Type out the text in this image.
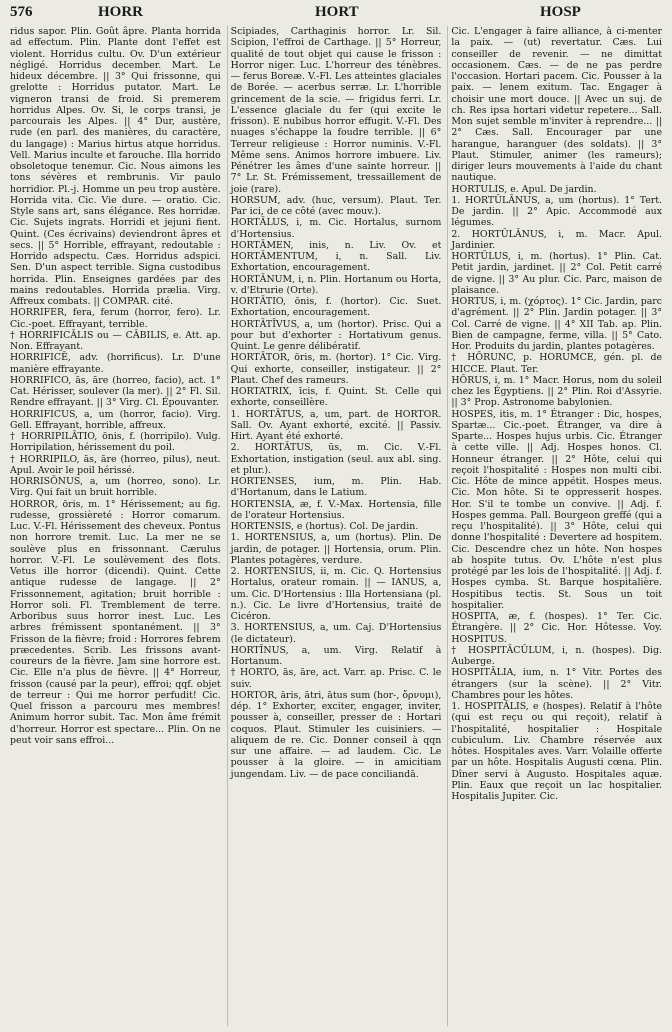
576	HORR	HORT	HOSP

ridus sapor. Plin. Goût âpre. Planta horrida ad effectum. Plin. Plante dont l'effet est violent. Horridus cultu. Ov. D'un extérieur négligé. Horridus december. Mart. Le hideux décembre. || 3° Qui frissonne, qui grelotte : Horridus putator. Mart. Le vigneron transi de froid. Si premerem horridus Alpes. Ov. Si, le corps transi, je parcourais les Alpes. || 4° Dur, austère, rude (en parl. des manières, du caractère, du langage) : Marius hirtus atque horridus. Vell. Marius inculte et farouche. Illa horrido obsoletoque tenemur. Cic. Nous aimons les tons sévères et rembrunis. Vir paulo horridior. Pl.-j. Homme un peu trop austère. Horrida vita. Cic. Vie dure. — oratio. Cic. Style sans art, sans élégance. Res horridæ. Cic. Sujets ingrats. Horridi et jejuni fient. Quint. (Ces écrivains) deviendront âpres et secs. || 5° Horrible, effrayant, redoutable : Horrido adspectu. Cæs. Horridus adspici. Sen. D'un aspect terrible. Signa custodibus horrida. Plin. Enseignes gardées par des mains redoutables. Horrida prælia. Virg. Affreux combats. || COMPAR. cité.

HORRIFER, fera, ferum (horror, fero). Lr. Cic.-poet. Effrayant, terrible.

† HORRIFICĀLIS ou — CĀBILIS, e. Att. ap. Non. Effrayant.

HORRIFICĒ, adv. (horrificus). Lr. D'une manière effrayante.

HORRIFICO, ās, āre (horreo, facio), act. 1° Cat. Hérisser, soulever (la mer). || 2° Fl. Sil. Rendre effrayant. || 3° Virg. Cl. Épouvanter.

HORRIFICUS, a, um (horror, facio). Virg. Gell. Effrayant, horrible, affreux.

† HORRIPILĀTIO, ōnis, f. (horripilo). Vulg. Horripilation, hérissement du poil.

† HORRIPILO, ās, āre (horreo, pilus), neut. Apul. Avoir le poil hérissé.

HORRISŌNUS, a, um (horreo, sono). Lr. Virg. Qui fait un bruit horrible.

HORROR, ōris, m. 1° Hérissement; au fig. rudesse, grossièreté : Horror comarum. Luc. V.-Fl. Hérissement des cheveux. Pontus non horrore tremit. Luc. La mer ne se soulève plus en frissonnant. Cærulus horror. V.-Fl. Le soulèvement des flots. Vetus ille horror (dicendi). Quint. Cette antique rudesse de langage. || 2° Frissonnement, agitation; bruit horrible : Horror soli. Fl. Tremblement de terre. Arboribus suus horror inest. Luc. Les arbres frémissent spontanément. || 3° Frisson de la fièvre; froid : Horrores febrem præcedentes. Scrib. Les frissons avant-coureurs de la fièvre. Jam sine horrore est. Cic. Elle n'a plus de fièvre. || 4° Horreur, frisson (causé par la peur), effroi; qqf. objet de terreur : Qui me horror perfudit! Cic. Quel frisson a parcouru mes membres! Animum horror subit. Tac. Mon âme frémit d'horreur. Horror est spectare... Plin. On ne peut voir sans effroi...

Scipiades, Carthaginis horror. Lr. Sil. Scipion, l'effroi de Carthage. || 5° Horreur, qualité de tout objet qui cause le frisson : Horror niger. Luc. L'horreur des ténèbres. — ferus Boreæ. V.-Fl. Les atteintes glaciales de Borée. — acerbus serræ. Lr. L'horrible grincement de la scie. — frigidus ferri. Lr. L'essence glaciale du fer (qui excite le frisson). E nubibus horror effugit. V.-Fl. Des nuages s'échappe la foudre terrible. || 6° Terreur religieuse : Horror numinis. V.-Fl. Même sens. Animos horrore imbuere. Liv. Pénétrer les âmes d'une sainte horreur. || 7° Lr. St. Frémissement, tressaillement de joie (rare).

HORSUM, adv. (huc, versum). Plaut. Ter. Par ici, de ce côté (avec mouv.).

HORTĀLUS, i, m. Cic. Hortalus, surnom d'Hortensius.

HORTĀMEN, inis, n. Liv. Ov. et HORTĀMENTUM, i, n. Sall. Liv. Exhortation, encouragement.

HORTĀNUM, i, n. Plin. Hortanum ou Horta, v. d'Etrurie (Orte).

HORTĀTIO, ōnis, f. (hortor). Cic. Suet. Exhortation, encouragement.

HORTĀTĪVUS, a, um (hortor). Prisc. Qui a pour but d'exhorter : Hortativum genus. Quint. Le genre délibératif.

HORTĀTOR, ōris, m. (hortor). 1° Cic. Virg. Qui exhorte, conseiller, instigateur. || 2° Plaut. Chef des rameurs.

HORTATRIX, īcis, f. Quint. St. Celle qui exhorte, conseillère.

1. HORTĀTUS, a, um, part. de HORTOR. Sall. Ov. Ayant exhorté, excité. || Passiv. Hirt. Ayant été exhorté.

2. HORTĀTUS, ūs, m. Cic. V.-Fl. Exhortation, instigation (seul. aux abl. sing. et plur.).

HORTENSES, ium, m. Plin. Hab. d'Hortanum, dans le Latium.

HORTENSIA, æ, f. V.-Max. Hortensia, fille de l'orateur Hortensius.

HORTENSIS, e (hortus). Col. De jardin.

1. HORTENSIUS, a, um (hortus). Plin. De jardin, de potager. || Hortensia, orum. Plin. Plantes potagères, verdure.

2. HORTENSIUS, ii, m. Cic. Q. Hortensius Hortalus, orateur romain. || — IANUS, a, um. Cic. D'Hortensius : Illa Hortensiana (pl. n.). Cic. Le livre d'Hortensius, traité de Cicéron.

3. HORTENSIUS, a, um. Caj. D'Hortensius (le dictateur).

HORTĪNUS, a, um. Virg. Relatif à Hortanum.

† HORTO, ās, āre, act. Varr. ap. Prisc. C. le suiv.

HORTOR, āris, ātri, ātus sum (hor-, ὄρνυμι), dép. 1° Exhorter, exciter, engager, inviter, pousser à, conseiller, presser de : Hortari coquos. Plaut. Stimuler les cuisiniers. — aliquem de re. Cic. Donner conseil à qqn sur une affaire. — ad laudem. Cic. Le pousser à la gloire. — in amicitiam jungendam. Liv. — de pace conciliandā.

Cic. L'engager à faire alliance, à ci-menter la paix. — (ut) revertatur. Cæs. Lui conseiller de revenir. — ne dimittat occasionem. Cæs. — de ne pas perdre l'occasion. Hortari pacem. Cic. Pousser à la paix. — lenem exitum. Tac. Engager à choisir une mort douce. || Avec un suj. de ch. Res ipsa hortari videtur repetere... Sall. Mon sujet semble m'inviter à reprendre... || 2° Cæs. Sall. Encourager par une harangue, haranguer (des soldats). || 3° Plaut. Stimuler, animer (les rameurs); diriger leurs mouvements à l'aide du chant nautique.

HORTULIS, e. Apul. De jardin.

1. HORTŬLĀNUS, a, um (hortus). 1° Tert. De jardin. || 2° Apic. Accommodé aux légumes.

2. HORTŬLĀNUS, i, m. Macr. Apul. Jardinier.

HORTŬLUS, i, m. (hortus). 1° Plin. Cat. Petit jardin, jardinet. || 2° Col. Petit carré de vigne. || 3° Au plur. Cic. Parc, maison de plaisance.

HORTUS, i, m. (χόρτος). 1° Cic. Jardin, parc d'agrément. || 2° Plin. Jardin potager. || 3° Col. Carré de vigne. || 4° XII Tab. ap. Plin. Bien de campagne, ferme, villa. || 5° Cato. Hor. Produits du jardin, plantes potagères.

† HŌRUNC, p. HORUMCE, gén. pl. de HICCE. Plaut. Ter.

HŌRUS, i, m. 1° Macr. Horus, nom du soleil chez les Égyptiens. || 2° Plin. Roi d'Assyrie. || 3° Prop. Astronome babylonien.

HOSPES, itis, m. 1° Étranger : Dic, hospes, Spartæ... Cic.-poet. Étranger, va dire à Sparte... Hospes hujus urbis. Cic. Étranger à cette ville. || Adj. Hospes honos. Cl. Honneur étranger. || 2° Hôte, celui qui reçoit l'hospitalité : Hospes non multi cibi. Cic. Hôte de mince appétit. Hospes meus. Cic. Mon hôte. Si te oppresserit hospes. Hor. S'il te tombe un convive. || Adj. f. Hospes gemma. Pall. Bourgeon greffé (qui a reçu l'hospitalité). || 3° Hôte, celui qui donne l'hospitalité : Devertere ad hospitem. Cic. Descendre chez un hôte. Non hospes ab hospite tutus. Ov. L'hôte n'est plus protégé par les lois de l'hospitalité. || Adj. f. Hospes cymba. St. Barque hospitalière. Hospitibus tectis. St. Sous un toit hospitalier.

HOSPITA, æ, f. (hospes). 1° Ter. Cic. Étrangère. || 2° Cic. Hor. Hôtesse. Voy. HOSPITUS.

† HOSPITĀCŬLUM, i, n. (hospes). Dig. Auberge.

HOSPITĀLIA, ium, n. 1° Vitr. Portes des étrangers (sur la scène). || 2° Vitr. Chambres pour les hôtes.

1. HOSPITĀLIS, e (hospes). Relatif à l'hôte (qui est reçu ou qui reçoit), relatif à l'hospitalité, hospitalier : Hospitale cubiculum. Liv. Chambre réservée aux hôtes. Hospitales aves. Varr. Volaille offerte par un hôte. Hospitalis Augusti cœna. Plin. Dîner servi à Augusto. Hospitales aquæ. Plin. Eaux que reçoit un lac hospitalier. Hospitalis Jupiter. Cic.
